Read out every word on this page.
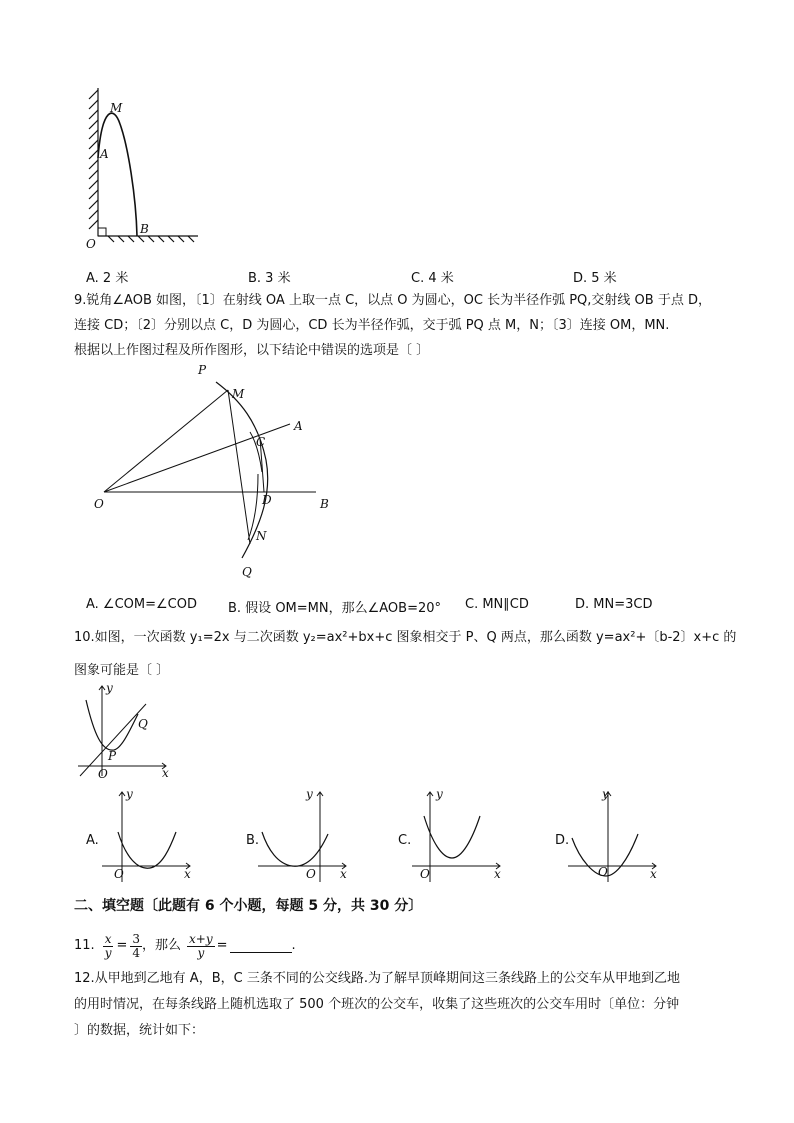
M
A
O
B
A. 2 米	B. 3 米	C. 4 米	D. 5 米
9.锐角∠AOB 如图，〔1〕在射线 OA 上取一点 C，以点 O 为圆心，OC 长为半径作弧 PQ,交射线 OB 于点 D，
连接 CD；〔2〕分别以点 C，D 为圆心，CD 长为半径作弧，交于弧 PQ 点 M，N；〔3〕连接 OM，MN.
根据以上作图过程及所作图形，以下结论中错误的选项是〔 〕
P
M
A
C
O	D	B
N
Q
A. ∠COM=∠COD B. 假设 OM=MN，那么∠AOB=20° C. MN∥CD	D. MN=3CD
10.如图，一次函数 y₁=2x 与二次函数 y₂=ax²+bx+c 图象相交于 P、Q 两点，那么函数 y=ax²+〔b-2〕x+c 的
图象可能是〔 〕
y
x
O
P
Q
A.
y
x
O
B.
y
x
O
C.
y
x
O
D.
y
x
O
二、填空题〔此题有 6 个小题，每题 5 分，共 30 分〕
11. $\frac{x}{y} = \frac{3}{4}$ ，那么 $\frac{x+y}{y}$ =	.
12.从甲地到乙地有 A，B，C 三条不同的公交线路.为了解早顶峰期间这三条线路上的公交车从甲地到乙地
的用时情况，在每条线路上随机选取了 500 个班次的公交车，收集了这些班次的公交车用时〔单位：分钟
〕的数据，统计如下：
